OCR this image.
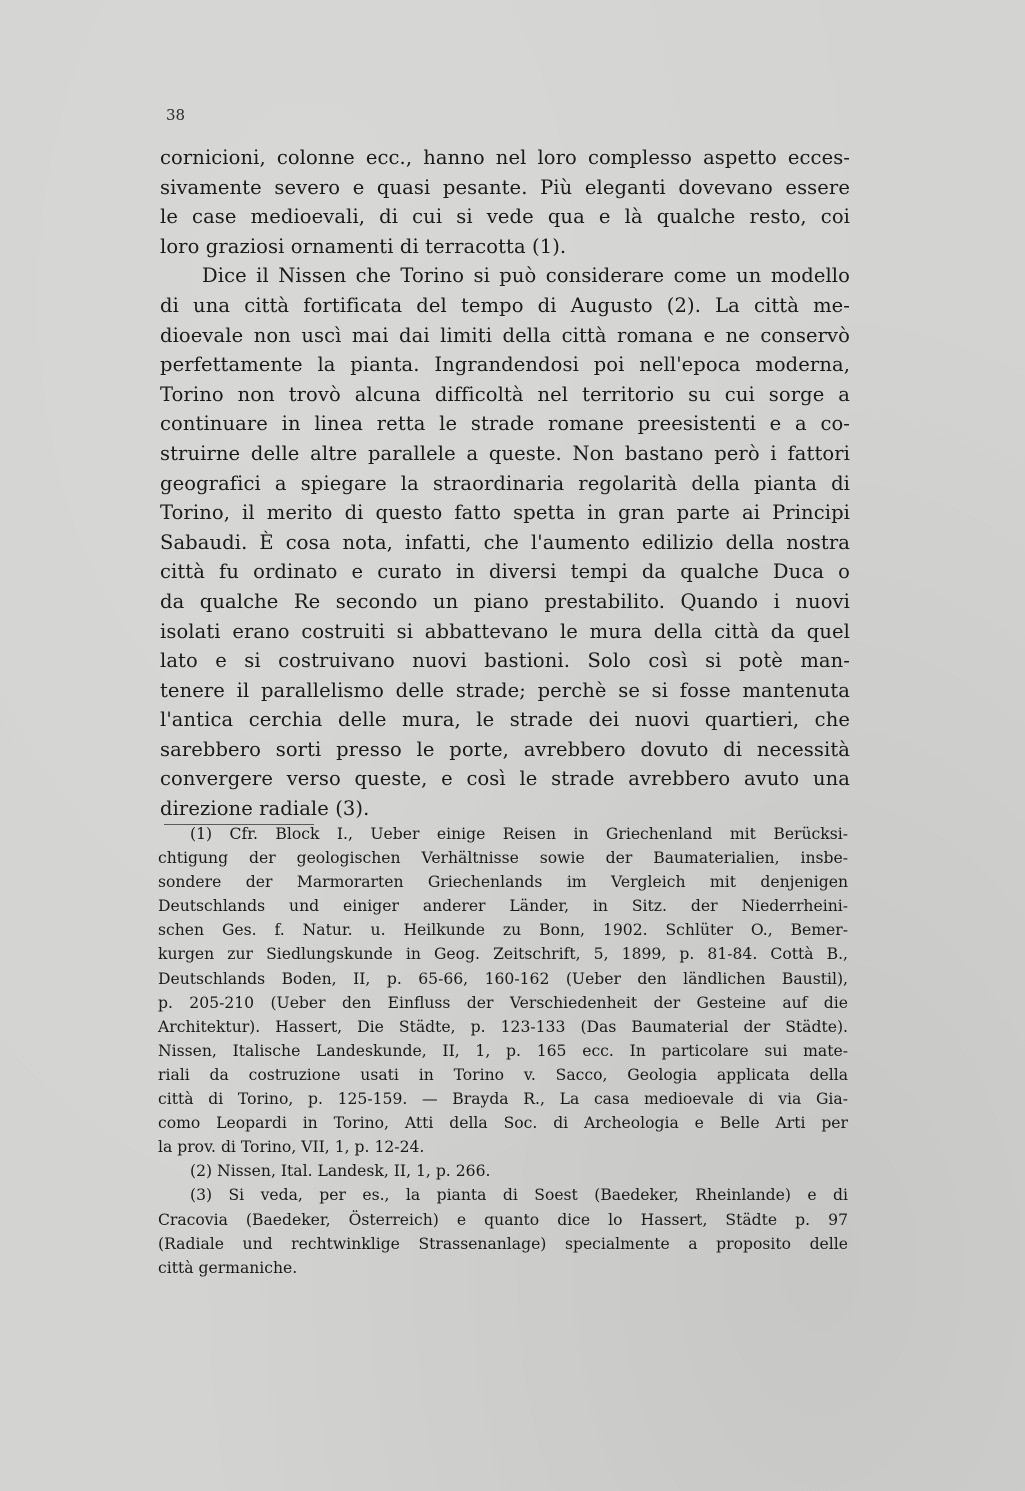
38
cornicioni, colonne ecc., hanno nel loro complesso aspetto ecces-
sivamente severo e quasi pesante. Più eleganti dovevano essere
le case medioevali, di cui si vede qua e là qualche resto, coi
loro graziosi ornamenti di terracotta (1).
Dice il Nissen che Torino si può considerare come un modello
di una città fortificata del tempo di Augusto (2). La città me-
dioevale non uscì mai dai limiti della città romana e ne conservò
perfettamente la pianta. Ingrandendosi poi nell'epoca moderna,
Torino non trovò alcuna difficoltà nel territorio su cui sorge a
continuare in linea retta le strade romane preesistenti e a co-
struirne delle altre parallele a queste. Non bastano però i fattori
geografici a spiegare la straordinaria regolarità della pianta di
Torino, il merito di questo fatto spetta in gran parte ai Principi
Sabaudi. È cosa nota, infatti, che l'aumento edilizio della nostra
città fu ordinato e curato in diversi tempi da qualche Duca o
da qualche Re secondo un piano prestabilito. Quando i nuovi
isolati erano costruiti si abbattevano le mura della città da quel
lato e si costruivano nuovi bastioni. Solo così si potè man-
tenere il parallelismo delle strade; perchè se si fosse mantenuta
l'antica cerchia delle mura, le strade dei nuovi quartieri, che
sarebbero sorti presso le porte, avrebbero dovuto di necessità
convergere verso queste, e così le strade avrebbero avuto una
direzione radiale (3).
(1) Cfr. Block I., Ueber einige Reisen in Griechenland mit Berücksi-
chtigung der geologischen Verhältnisse sowie der Baumaterialien, insbe-
sondere der Marmorarten Griechenlands im Vergleich mit denjenigen
Deutschlands und einiger anderer Länder, in Sitz. der Niederrheini-
schen Ges. f. Natur. u. Heilkunde zu Bonn, 1902. Schlüter O., Bemer-
kurgen zur Siedlungskunde in Geog. Zeitschrift, 5, 1899, p. 81-84. Cottà B.,
Deutschlands Boden, II, p. 65-66, 160-162 (Ueber den ländlichen Baustil),
p. 205-210 (Ueber den Einfluss der Verschiedenheit der Gesteine auf die
Architektur). Hassert, Die Städte, p. 123-133 (Das Baumaterial der Städte).
Nissen, Italische Landeskunde, II, 1, p. 165 ecc. In particolare sui mate-
riali da costruzione usati in Torino v. Sacco, Geologia applicata della
città di Torino, p. 125-159. — Brayda R., La casa medioevale di via Gia-
como Leopardi in Torino, Atti della Soc. di Archeologia e Belle Arti per
la prov. di Torino, VII, 1, p. 12-24.
(2) Nissen, Ital. Landesk, II, 1, p. 266.
(3) Si veda, per es., la pianta di Soest (Baedeker, Rheinlande) e di
Cracovia (Baedeker, Österreich) e quanto dice lo Hassert, Städte p. 97
(Radiale und rechtwinklige Strassenanlage) specialmente a proposito delle
città germaniche.
